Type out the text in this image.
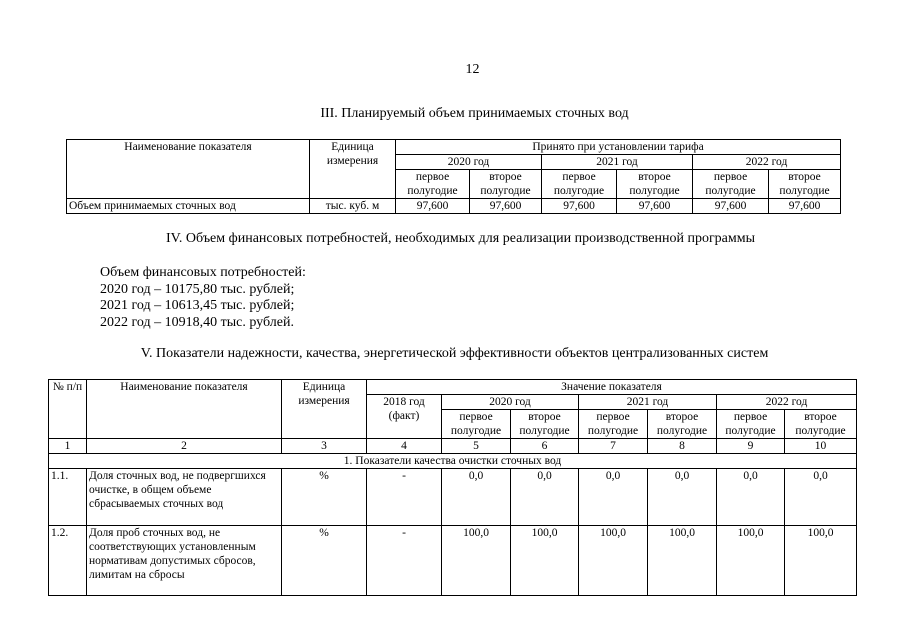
12
III. Планируемый объем принимаемых сточных вод
Наименование показателя	Единица измерения	Принято при установлении тарифа					
		2020 год		2021 год		2022 год	
		первое полугодие	второе полугодие	первое полугодие	второе полугодие	первое полугодие	второе полугодие
Объем принимаемых сточных вод	тыс. куб. м	97,600	97,600	97,600	97,600	97,600	97,600
IV. Объем финансовых потребностей, необходимых для реализации производственной программы
Объем финансовых потребностей:
2020 год – 10175,80 тыс. рублей;
2021 год – 10613,45 тыс. рублей;
2022 год – 10918,40 тыс. рублей.
V. Показатели надежности, качества, энергетической эффективности объектов централизованных систем
№ п/п	Наименование показателя	Единица измерения	Значение показателя						
			2018 год (факт)	2020 год		2021 год		2022 год	
				первое полугодие	второе полугодие	первое полугодие	второе полугодие	первое полугодие	второе полугодие
1	2	3	4	5	6	7	8	9	10
1. Показатели качества очистки сточных вод									
1.1.	Доля сточных вод, не подвергшихся очистке, в общем объеме сбрасываемых сточных вод	%	-	0,0	0,0	0,0	0,0	0,0	0,0
1.2.	Доля проб сточных вод, не соответствующих установленным нормативам допустимых сбросов, лимитам на сбросы	%	-	100,0	100,0	100,0	100,0	100,0	100,0
